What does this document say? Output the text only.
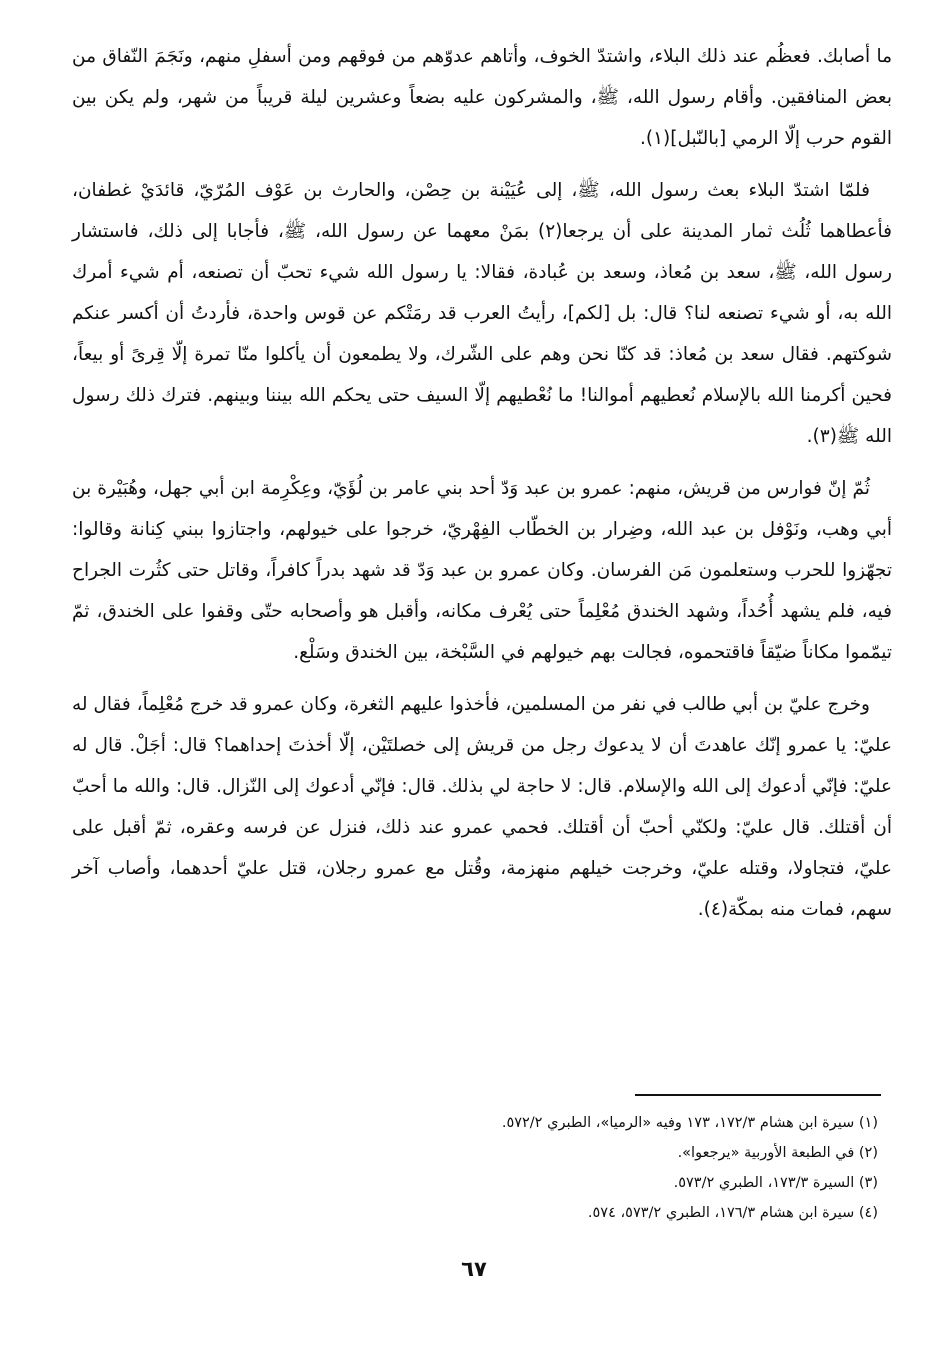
ما أصابك. فعظُم عند ذلك البلاء، واشتدّ الخوف، وأتاهم عدوّهم من فوقهم ومن أسفلِ منهم، ونَجَمَ النّفاق من بعض المنافقين. وأقام رسول الله، ﷺ، والمشركون عليه بضعاً وعشرين ليلة قريباً من شهر، ولم يكن بين القوم حرب إلّا الرمي [بالنّبل](١).

فلمّا اشتدّ البلاء بعث رسول الله، ﷺ، إلى عُيَيْنة بن حِصْن، والحارث بن عَوْف المُرّيّ، قائدَيْ غطفان، فأعطاهما ثُلُث ثمار المدينة على أن يرجعا(٢) بمَنْ معهما عن رسول الله، ﷺ، فأجابا إلى ذلك، فاستشار رسول الله، ﷺ، سعد بن مُعاذ، وسعد بن عُبادة، فقالا: يا رسول الله شيء تحبّ أن تصنعه، أم شيء أمرك الله به، أو شيء تصنعه لنا؟ قال: بل [لكم]، رأيتُ العرب قد رمَتْكم عن قوس واحدة، فأردتُ أن أكسر عنكم شوكتهم. فقال سعد بن مُعاذ: قد كنّا نحن وهم على الشّرك، ولا يطمعون أن يأكلوا منّا تمرة إلّا قِرىً أو بيعاً، فحين أكرمنا الله بالإسلام نُعطيهم أموالنا! ما نُعْطيهم إلّا السيف حتى يحكم الله بيننا وبينهم. فترك ذلك رسول الله ﷺ(٣).

ثُمّ إنّ فوارس من قريش، منهم: عمرو بن عبد وَدّ أحد بني عامر بن لُؤَيّ، وعِكْرِمة ابن أبي جهل، وهُبَيْرة بن أبي وهب، ونَوْفل بن عبد الله، وضِرار بن الخطّاب الفِهْريّ، خرجوا على خيولهم، واجتازوا ببني كِنانة وقالوا: تجهّزوا للحرب وستعلمون مَن الفرسان. وكان عمرو بن عبد وَدّ قد شهد بدراً كافراً، وقاتل حتى كثُرت الجراح فيه، فلم يشهد أُحُداً، وشهد الخندق مُعْلِماً حتى يُعْرف مكانه، وأقبل هو وأصحابه حتّى وقفوا على الخندق، ثمّ تيمّموا مكاناً ضيّقاً فاقتحموه، فجالت بهم خيولهم في السَّبْخة، بين الخندق وسَلْع.

وخرج عليّ بن أبي طالب في نفر من المسلمين، فأخذوا عليهم الثغرة، وكان عمرو قد خرج مُعْلِماً، فقال له عليّ: يا عمرو إنّك عاهدتَ أن لا يدعوك رجل من قريش إلى خصلتَيْن، إلّا أخذتَ إحداهما؟ قال: أجَلْ. قال له عليّ: فإنّي أدعوك إلى الله والإسلام. قال: لا حاجة لي بذلك. قال: فإنّي أدعوك إلى النّزال. قال: والله ما أحبّ أن أقتلك. قال عليّ: ولكنّي أحبّ أن أقتلك. فحمي عمرو عند ذلك، فنزل عن فرسه وعقره، ثمّ أقبل على عليّ، فتجاولا، وقتله عليّ، وخرجت خيلهم منهزمة، وقُتل مع عمرو رجلان، قتل عليّ أحدهما، وأصاب آخر سهم، فمات منه بمكّة(٤).

(١) سيرة ابن هشام ١٧٢/٣، ١٧٣ وفيه «الرميا»، الطبري ٥٧٢/٢.
(٢) في الطبعة الأوربية «يرجعوا».
(٣) السيرة ١٧٣/٣، الطبري ٥٧٣/٢.
(٤) سيرة ابن هشام ١٧٦/٣، الطبري ٥٧٣/٢، ٥٧٤.
٦٧
